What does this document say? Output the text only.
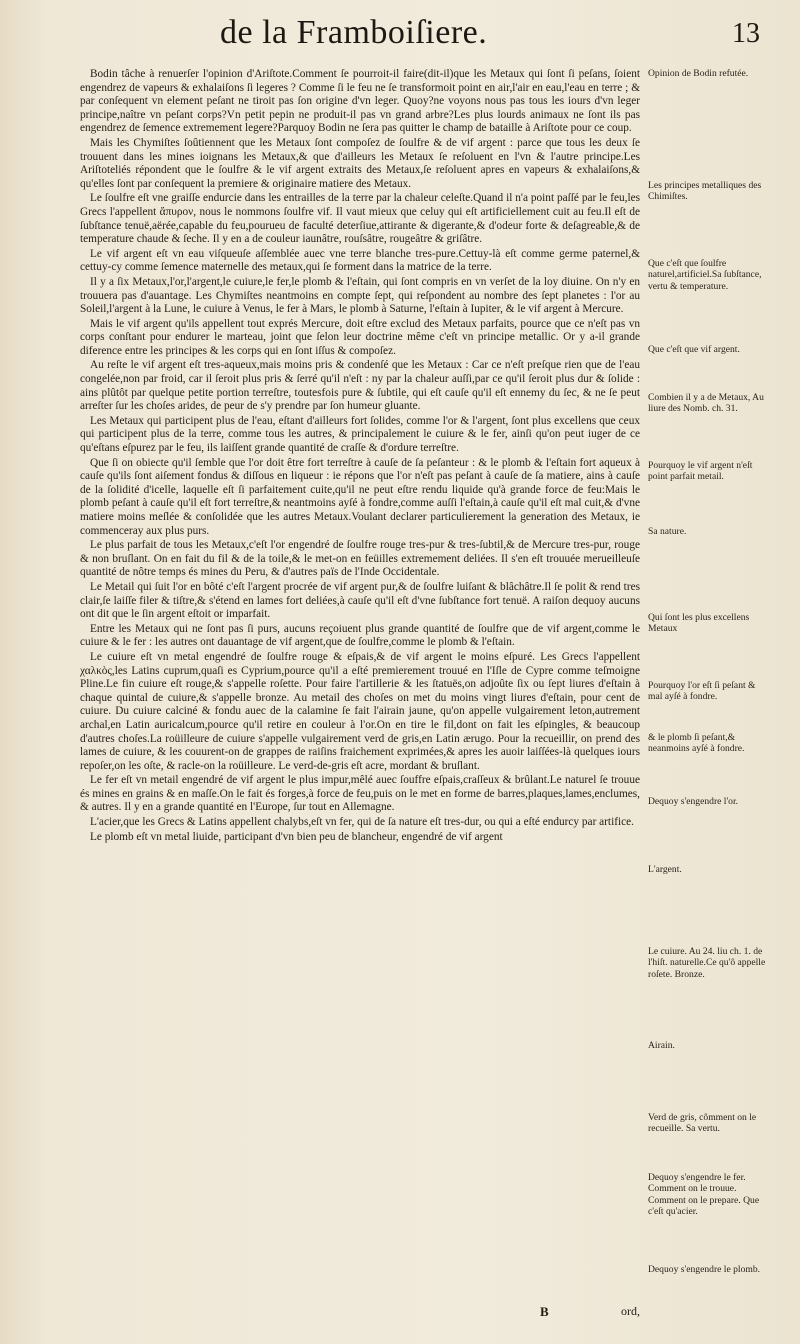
de la Framboiſiere.	13

Bodin tâche à renuerſer l'opinion d'Ariſtote.Comment ſe pourroit-il faire(dit-il)que les Metaux qui ſont ſi peſans, ſoient engendrez de vapeurs & exhalaiſons ſi legeres ? Comme ſi le feu ne ſe transformoit point en air,l'air en eau,l'eau en terre ; & par conſequent vn element peſant ne tiroit pas ſon origine d'vn leger. Quoy?ne voyons nous pas tous les iours d'vn leger principe,naître vn peſant corps?Vn petit pepin ne produit-il pas vn grand arbre?Les plus lourds animaux ne ſont ils pas engendrez de ſemence extremement legere?Parquoy Bodin ne ſera pas quitter le champ de bataille à Ariſtote pour ce coup.

Mais les Chymiſtes ſoûtiennent que les Metaux ſont compoſez de ſoulfre & de vif argent : parce que tous les deux ſe trouuent dans les mines ioignans les Metaux,& que d'ailleurs les Metaux ſe reſoluent en l'vn & l'autre principe.Les Ariſtoteliés répondent que le ſoulfre & le vif argent extraits des Metaux,ſe reſoluent apres en vapeurs & exhalaiſons,& qu'elles ſont par conſequent la premiere & originaire matiere des Metaux.

Le ſoulfre eſt vne graiſſe endurcie dans les entrailles de la terre par la chaleur celeſte.Quand il n'a point paſſé par le feu,les Grecs l'appellent ἄπυρον, nous le nommons ſoulfre vif. Il vaut mieux que celuy qui eſt artificiellement cuit au feu.Il eſt de ſubſtance tenuë,aërée,capable du feu,pourueu de faculté deterſiue,attirante & digerante,& d'odeur forte & deſagreable,& de temperature chaude & ſeche. Il y en a de couleur iaunâtre, rouſsâtre, rougeâtre & griſâtre.

Le vif argent eſt vn eau viſqueuſe aſſemblée auec vne terre blanche tres-pure.Cettuy-là eſt comme germe paternel,& cettuy-cy comme ſemence maternelle des metaux,qui ſe forment dans la matrice de la terre.

Il y a ſix Metaux,l'or,l'argent,le cuiure,le fer,le plomb & l'eſtain, qui ſont compris en vn verſet de la loy diuine. On n'y en trouuera pas d'auantage. Les Chymiſtes neantmoins en compte ſept, qui reſpondent au nombre des ſept planetes : l'or au Soleil,l'argent à la Lune, le cuiure à Venus, le fer à Mars, le plomb à Saturne, l'eſtain à Iupiter, & le vif argent à Mercure.

Mais le vif argent qu'ils appellent tout exprés Mercure, doit eſtre exclud des Metaux parfaits, pource que ce n'eſt pas vn corps conſtant pour endurer le marteau, joint que ſelon leur doctrine même c'eſt vn principe metallic. Or y a-il grande diference entre les principes & les corps qui en ſont iſſus & compoſez.

Au reſte le vif argent eſt tres-aqueux,mais moins pris & condenſé que les Metaux : Car ce n'eſt preſque rien que de l'eau congelée,non par froid, car il ſeroit plus pris & ſerré qu'il n'eſt : ny par la chaleur auſſi,par ce qu'il ſeroit plus dur & ſolide : ains plûtôt par quelque petite portion terreſtre, toutesfois pure & ſubtile, qui eſt cauſe qu'il eſt ennemy du ſec, & ne ſe peut arreſter ſur les choſes arides, de peur de s'y prendre par ſon humeur gluante.

Les Metaux qui participent plus de l'eau, eſtant d'ailleurs fort ſolides, comme l'or & l'argent, ſont plus excellens que ceux qui participent plus de la terre, comme tous les autres, & principalement le cuiure & le fer, ainſi qu'on peut iuger de ce qu'eſtans eſpurez par le feu, ils laiſſent grande quantité de craſſe & d'ordure terreſtre.

Que ſi on obiecte qu'il ſemble que l'or doit être fort terreſtre à cauſe de ſa peſanteur : & le plomb & l'eſtain fort aqueux à cauſe qu'ils ſont aiſement fondus & diſſous en liqueur : ie répons que l'or n'eſt pas peſant à cauſe de ſa matiere, ains à cauſe de la ſolidité d'icelle, laquelle eſt ſi parfaitement cuite,qu'il ne peut eſtre rendu liquide qu'à grande force de feu:Mais le plomb peſant à cauſe qu'il eſt fort terreſtre,& neantmoins ayſé à fondre,comme auſſi l'eſtain,à cauſe qu'il eſt mal cuit,& d'vne matiere moins meſlée & conſolidée que les autres Metaux.Voulant declarer particulierement la generation des Metaux, ie commenceray aux plus purs.

Le plus parfait de tous les Metaux,c'eſt l'or engendré de ſoulfre rouge tres-pur & tres-ſubtil,& de Mercure tres-pur, rouge & non bruſlant. On en fait du fil & de la toile,& le met-on en feüilles extremement deliées. Il s'en eſt trouuée merueilleuſe quantité de nôtre temps és mines du Peru, & d'autres païs de l'Inde Occidentale.

Le Metail qui ſuit l'or en bôté c'eſt l'argent procrée de vif argent pur,& de ſoulfre luiſant & blâchâtre.Il ſe polit & rend tres clair,ſe laiſſe filer & tiſtre,& s'étend en lames fort deliées,à cauſe qu'il eſt d'vne ſubſtance fort tenuë. A raiſon dequoy aucuns ont dit que le ſin argent eſtoit or imparfait.

Entre les Metaux qui ne ſont pas ſi purs, aucuns reçoiuent plus grande quantité de ſoulfre que de vif argent,comme le cuiure & le fer : les autres ont dauantage de vif argent,que de ſoulfre,comme le plomb & l'eſtain.

Le cuiure eſt vn metal engendré de ſoulfre rouge & eſpais,& de vif argent le moins eſpuré. Les Grecs l'appellent χαλκὸς,les Latins cuprum,quaſi es Cyprium,pource qu'il a eſté premierement trouué en l'Iſle de Cypre comme teſmoigne Pline.Le fin cuiure eſt rouge,& s'appelle roſette. Pour faire l'artillerie & les ſtatuës,on adjoûte ſix ou ſept liures d'eſtain à chaque quintal de cuiure,& s'appelle bronze. Au metail des choſes on met du moins vingt liures d'eſtain, pour cent de cuiure. Du cuiure calciné & fondu auec de la calamine ſe fait l'airain jaune, qu'on appelle vulgairement leton,autrement archal,en Latin auricalcum,pource qu'il retire en couleur à l'or.On en tire le fil,dont on fait les eſpingles, & beaucoup d'autres choſes.La roüilleure de cuiure s'appelle vulgairement verd de gris,en Latin ærugo. Pour la recueillir, on prend des lames de cuiure, & les couurent-on de grappes de raiſins fraichement exprimées,& apres les auoir laiſſées-là quelques iours repoſer,on les oſte, & racle-on la roüilleure. Le verd-de-gris eſt acre, mordant & bruſlant.

Le fer eſt vn metail engendré de vif argent le plus impur,mêlé auec ſouffre eſpais,craſſeux & brûlant.Le naturel ſe trouue és mines en grains & en maſſe.On le fait és forges,à force de feu,puis on le met en forme de barres,plaques,lames,enclumes, & autres. Il y en a grande quantité en l'Europe, ſur tout en Allemagne.

L'acier,que les Grecs & Latins appellent chalybs,eſt vn fer, qui de ſa nature eſt tres-dur, ou qui a eſté endurcy par artifice.

Le plomb eſt vn metal liuide, participant d'vn bien peu de blancheur, engendré de vif argent

Opinion de Bodin refutée.
Les principes metalliques des Chimiſtes.
Que c'eſt que ſoulfre naturel,artificiel.Sa ſubſtance, vertu & temperature.
Que c'eſt que vif argent.
Combien il y a de Metaux, Au liure des Nomb. ch. 31.
Pourquoy le vif argent n'eſt point parfait metail.
Sa nature.
Qui ſont les plus excellens Metaux
Pourquoy l'or eſt ſi peſant & mal ayſé à fondre.
& le plomb ſi peſant,& neanmoins ayſé à fondre.
Dequoy s'engendre l'or.
L'argent.
Le cuiure. Au 24. liu ch. 1. de l'hiſt. naturelle.Ce qu'ô appelle roſete. Bronze.
Airain.
Verd de gris, cômment on le recueille. Sa vertu.
Dequoy s'engendre le fer. Comment on le trouue. Comment on le prepare. Que c'eſt qu'acier.
Dequoy s'engendre le plomb.
B	ord,
